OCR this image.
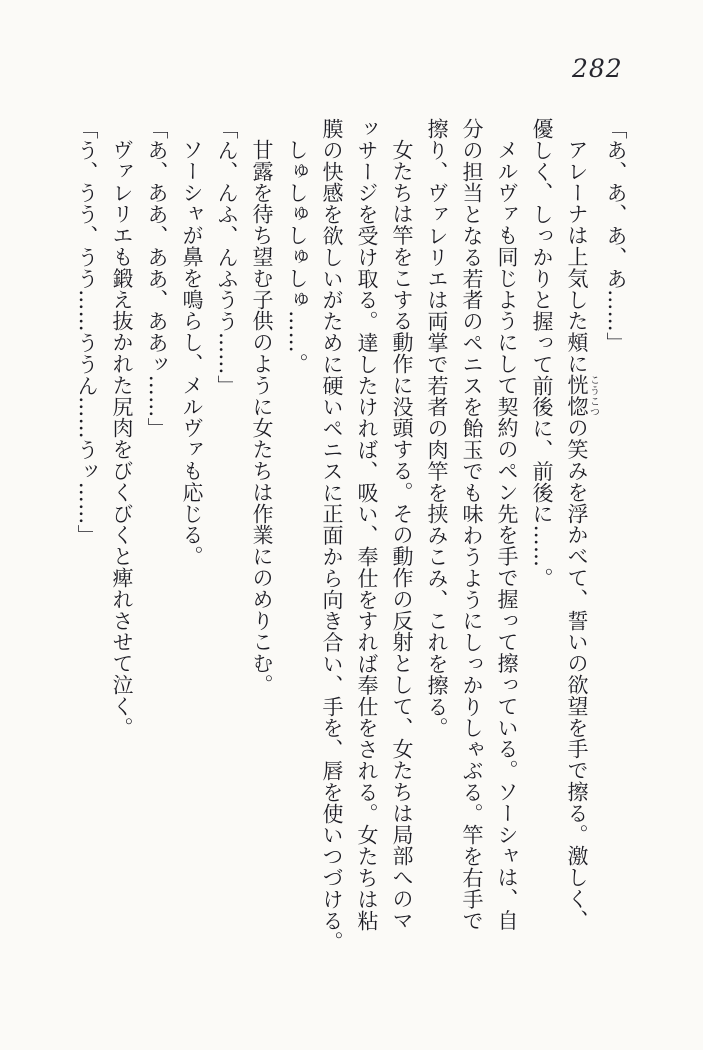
282

「あ、あ、あ、あ……」

アレーナは上気した頰に恍惚こうこつの笑みを浮かべて、誓いの欲望を手で擦る。激しく、

優しく、しっかりと握って前後に、前後に……。

メルヴァも同じようにして契約のペン先を手で握って擦っている。ソーシャは、自

分の担当となる若者のペニスを飴玉でも味わうようにしっかりしゃぶる。竿を右手で

擦り、ヴァレリエは両掌で若者の肉竿を挟みこみ、これを擦る。

女たちは竿をこする動作に没頭する。その動作の反射として、女たちは局部へのマ

ッサージを受け取る。達したければ、吸い、奉仕をすれば奉仕をされる。女たちは粘

膜の快感を欲しいがために硬いペニスに正面から向き合い、手を、唇を使いつづける。

しゅしゅしゅしゅ……。

甘露を待ち望む子供のように女たちは作業にのめりこむ。

「ん、んふ、んふうう……」

ソーシャが鼻を鳴らし、メルヴァも応じる。

「あ、ああ、ああ、ああッ……」

ヴァレリエも鍛え抜かれた尻肉をびくびくと痺れさせて泣く。

「う、うう、うう……ううん……うッ……」
